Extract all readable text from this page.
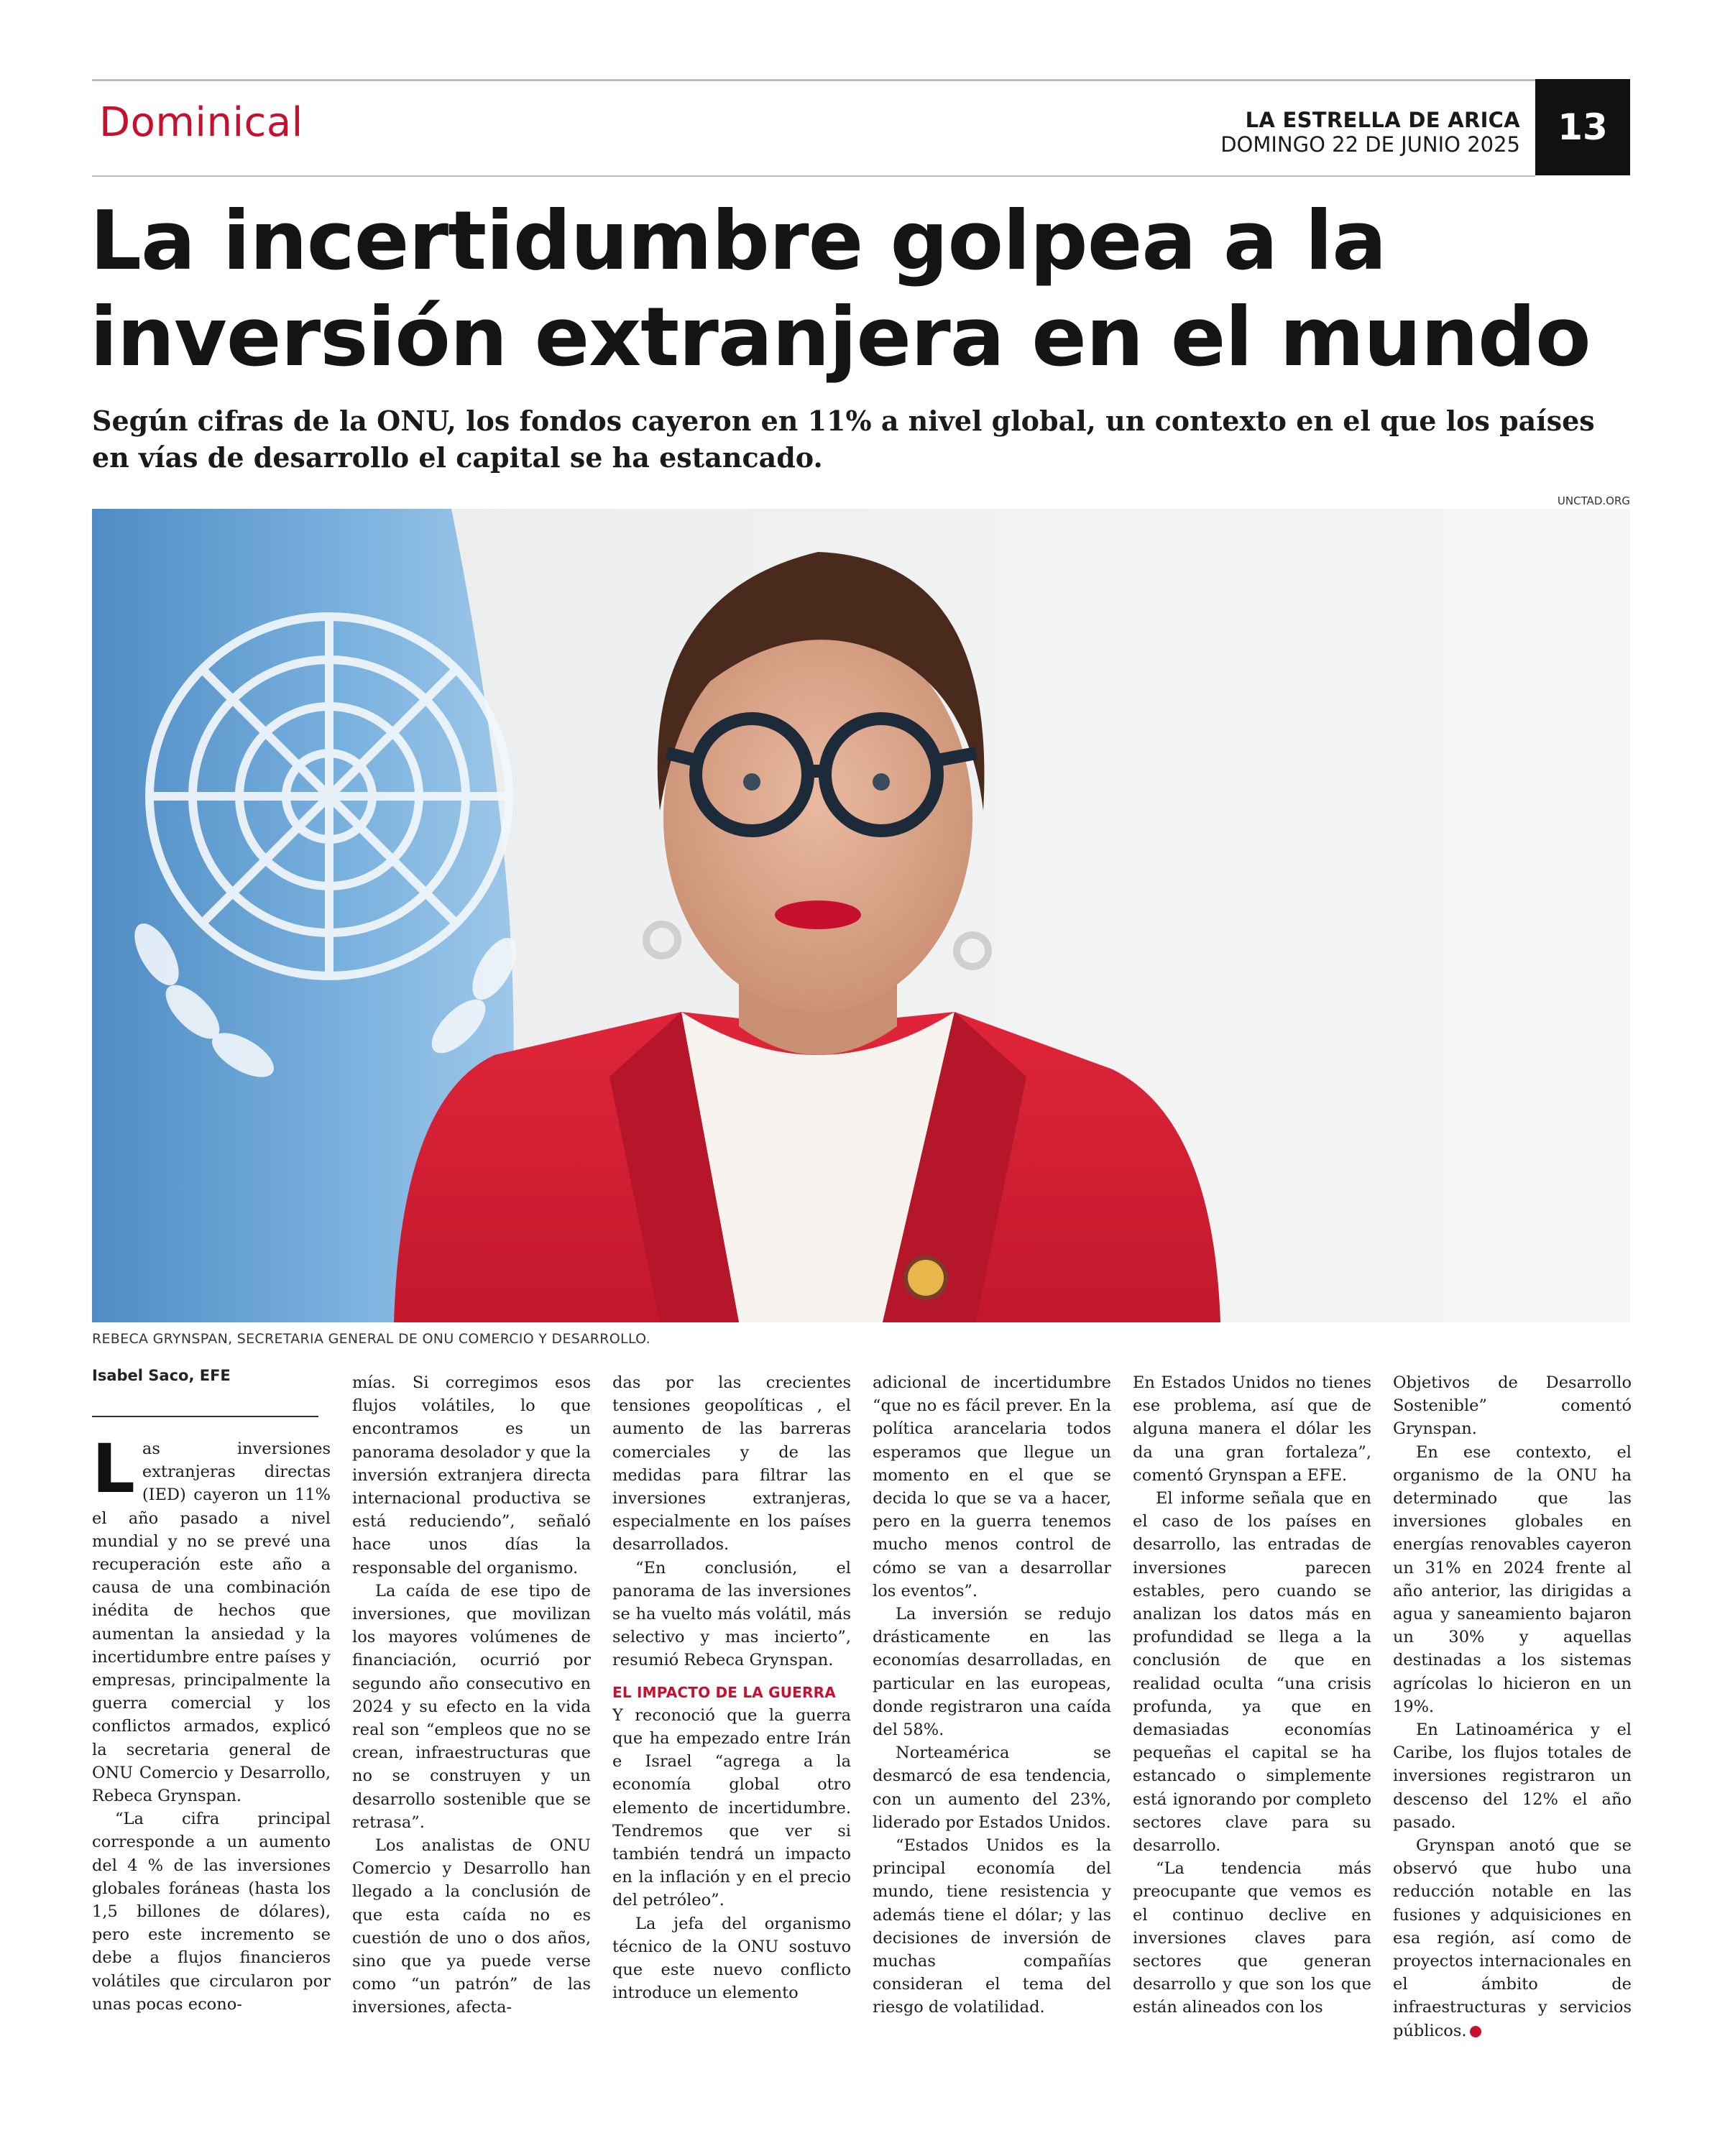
Dominical	LA ESTRELLA DE ARICA
DOMINGO 22 DE JUNIO 2025	13
La incertidumbre golpea a la
inversión extranjera en el mundo
Según cifras de la ONU, los fondos cayeron en 11% a nivel global, un contexto en el que los países en vías de desarrollo el capital se ha estancado.
UNCTAD.ORG
REBECA GRYNSPAN, SECRETARIA GENERAL DE ONU COMERCIO Y DESARROLLO.
Isabel Saco, EFE

Las inversiones extranjeras directas (IED) cayeron un 11% el año pasado a nivel mundial y no se prevé una recuperación este año a causa de una combinación inédita de hechos que aumentan la ansiedad y la incertidumbre entre países y empresas, principalmente la guerra comercial y los conflictos armados, explicó la secretaria general de ONU Comercio y Desarrollo, Rebeca Grynspan.

“La cifra principal corresponde a un aumento del 4 % de las inversiones globales foráneas (hasta los 1,5 billones de dólares), pero este incremento se debe a flujos financieros volátiles que circularon por unas pocas econo-

mías. Si corregimos esos flujos volátiles, lo que encontramos es un panorama desolador y que la inversión extranjera directa internacional productiva se está reduciendo”, señaló hace unos días la responsable del organismo.

La caída de ese tipo de inversiones, que movilizan los mayores volúmenes de financiación, ocurrió por segundo año consecutivo en 2024 y su efecto en la vida real son “empleos que no se crean, infraestructuras que no se construyen y un desarrollo sostenible que se retrasa”.

Los analistas de ONU Comercio y Desarrollo han llegado a la conclusión de que esta caída no es cuestión de uno o dos años, sino que ya puede verse como “un patrón” de las inversiones, afecta-

das por las crecientes tensiones geopolíticas , el aumento de las barreras comerciales y de las medidas para filtrar las inversiones extranjeras, especialmente en los países desarrollados.

“En conclusión, el panorama de las inversiones se ha vuelto más volátil, más selectivo y mas incierto”, resumió Rebeca Grynspan.

EL IMPACTO DE LA GUERRA

Y reconoció que la guerra que ha empezado entre Irán e Israel “agrega a la economía global otro elemento de incertidumbre. Tendremos que ver si también tendrá un impacto en la inflación y en el precio del petróleo”.

La jefa del organismo técnico de la ONU sostuvo que este nuevo conflicto introduce un elemento

adicional de incertidumbre “que no es fácil prever. En la política arancelaria todos esperamos que llegue un momento en el que se decida lo que se va a hacer, pero en la guerra tenemos mucho menos control de cómo se van a desarrollar los eventos”.

La inversión se redujo drásticamente en las economías desarrolladas, en particular en las europeas, donde registraron una caída del 58%.

Norteamérica se desmarcó de esa tendencia, con un aumento del 23%, liderado por Estados Unidos.

“Estados Unidos es la principal economía del mundo, tiene resistencia y además tiene el dólar; y las decisiones de inversión de muchas compañías consideran el tema del riesgo de volatilidad.

En Estados Unidos no tienes ese problema, así que de alguna manera el dólar les da una gran fortaleza”, comentó Grynspan a EFE.

El informe señala que en el caso de los países en desarrollo, las entradas de inversiones parecen estables, pero cuando se analizan los datos más en profundidad se llega a la conclusión de que en realidad oculta “una crisis profunda, ya que en demasiadas economías pequeñas el capital se ha estancado o simplemente está ignorando por completo sectores clave para su desarrollo.

“La tendencia más preocupante que vemos es el continuo declive en inversiones claves para sectores que generan desarrollo y que son los que están alineados con los

Objetivos de Desarrollo Sostenible” comentó Grynspan.

En ese contexto, el organismo de la ONU ha determinado que las inversiones globales en energías renovables cayeron un 31% en 2024 frente al año anterior, las dirigidas a agua y saneamiento bajaron un 30% y aquellas destinadas a los sistemas agrícolas lo hicieron en un 19%.

En Latinoamérica y el Caribe, los flujos totales de inversiones registraron un descenso del 12% el año pasado.

Grynspan anotó que se observó que hubo una reducción notable en las fusiones y adquisiciones en esa región, así como de proyectos internacionales en el ámbito de infraestructuras y servicios públicos.
